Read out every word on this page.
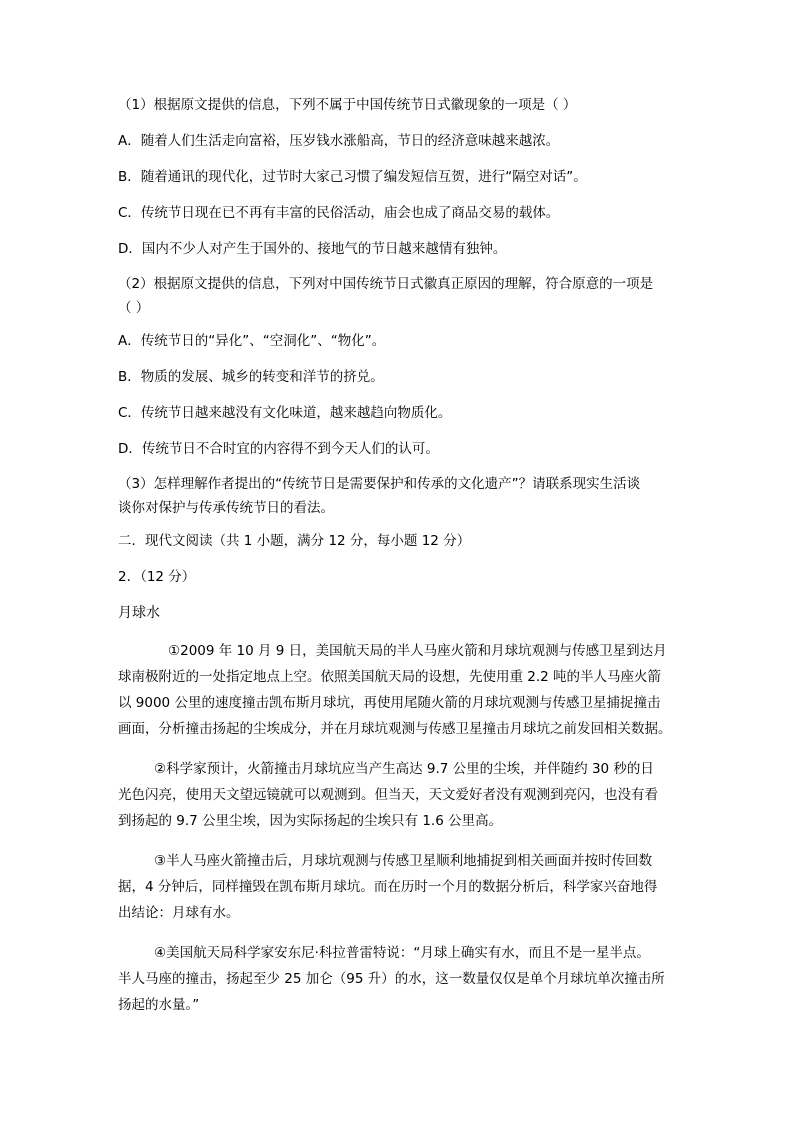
（1）根据原文提供的信息，下列不属于中国传统节日式徽现象的一项是（ ）

A．随着人们生活走向富裕，压岁钱水涨船高，节日的经济意味越来越浓。

B．随着通讯的现代化，过节时大家己习惯了编发短信互贺，进行“隔空对话”。

C．传统节日现在已不再有丰富的民俗活动，庙会也成了商品交易的载体。

D．国内不少人对产生于国外的、接地气的节日越来越情有独钟。

（2）根据原文提供的信息，下列对中国传统节日式徽真正原因的理解，符合原意的一项是
（ ）

A．传统节日的“异化”、“空洞化”、“物化”。

B．物质的发展、城乡的转变和洋节的挤兑。

C．传统节日越来越没有文化味道，越来越趋向物质化。

D．传统节日不合时宜的内容得不到今天人们的认可。

（3）怎样理解作者提出的“传统节日是需要保护和传承的文化遗产”？请联系现实生活谈
谈你对保护与传承传统节日的看法。

二．现代文阅读（共 1 小题，满分 12 分，每小题 12 分）

2．（12 分）

月球水

①2009 年 10 月 9 日，美国航天局的半人马座火箭和月球坑观测与传感卫星到达月
球南极附近的一处指定地点上空。依照美国航天局的设想，先使用重 2.2 吨的半人马座火箭
以 9000 公里的速度撞击凯布斯月球坑，再使用尾随火箭的月球坑观测与传感卫星捕捉撞击
画面，分析撞击扬起的尘埃成分，并在月球坑观测与传感卫星撞击月球坑之前发回相关数据。
②科学家预计，火箭撞击月球坑应当产生高达 9.7 公里的尘埃，并伴随约 30 秒的日
光色闪亮，使用天文望远镜就可以观测到。但当天，天文爱好者没有观测到亮闪，也没有看
到扬起的 9.7 公里尘埃，因为实际扬起的尘埃只有 1.6 公里高。
③半人马座火箭撞击后，月球坑观测与传感卫星顺利地捕捉到相关画面并按时传回数
据，4 分钟后，同样撞毁在凯布斯月球坑。而在历时一个月的数据分析后，科学家兴奋地得
出结论：月球有水。
④美国航天局科学家安东尼·科拉普雷特说：“月球上确实有水，而且不是一星半点。
半人马座的撞击，扬起至少 25 加仑（95 升）的水，这一数量仅仅是单个月球坑单次撞击所
扬起的水量。”
